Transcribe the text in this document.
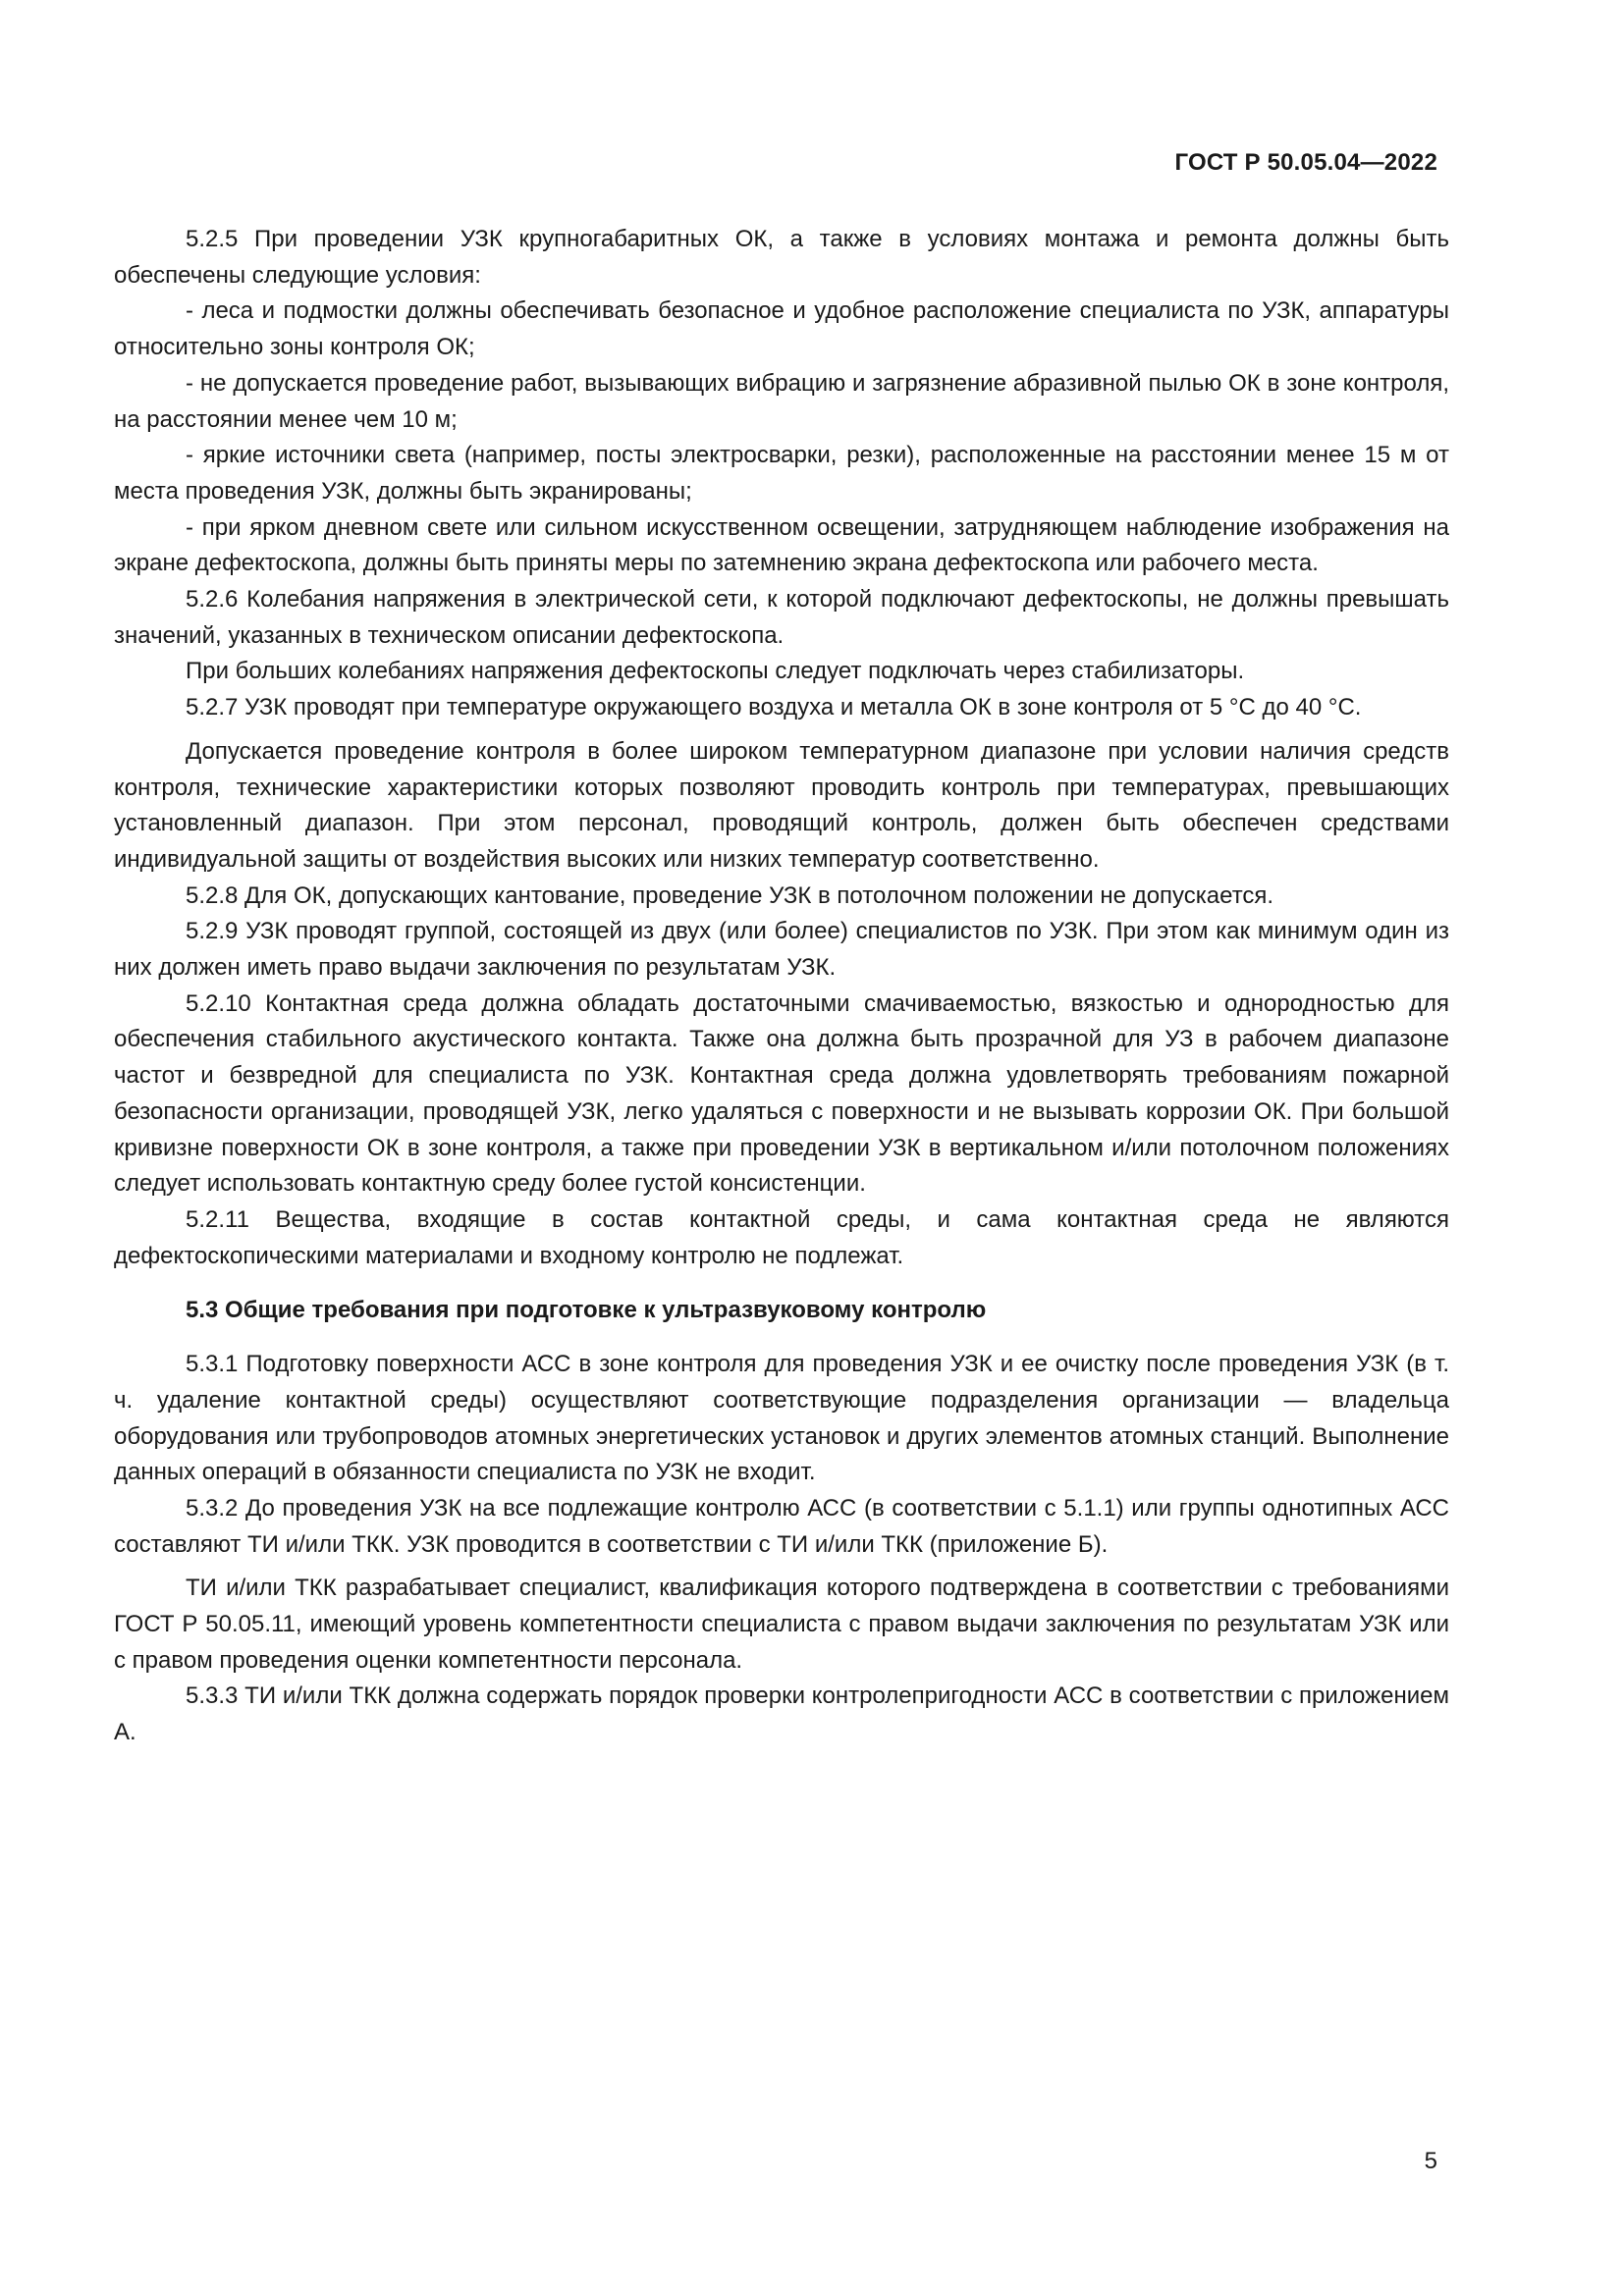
ГОСТ Р 50.05.04—2022

5.2.5 При проведении УЗК крупногабаритных ОК, а также в условиях монтажа и ремонта должны быть обеспечены следующие условия:

- леса и подмостки должны обеспечивать безопасное и удобное расположение специалиста по УЗК, аппаратуры относительно зоны контроля ОК;

- не допускается проведение работ, вызывающих вибрацию и загрязнение абразивной пылью ОК в зоне контроля, на расстоянии менее чем 10 м;

- яркие источники света (например, посты электросварки, резки), расположенные на расстоянии менее 15 м от места проведения УЗК, должны быть экранированы;

- при ярком дневном свете или сильном искусственном освещении, затрудняющем наблюдение изображения на экране дефектоскопа, должны быть приняты меры по затемнению экрана дефектоскопа или рабочего места.

5.2.6 Колебания напряжения в электрической сети, к которой подключают дефектоскопы, не должны превышать значений, указанных в техническом описании дефектоскопа.

При больших колебаниях напряжения дефектоскопы следует подключать через стабилизаторы.

5.2.7 УЗК проводят при температуре окружающего воздуха и металла ОК в зоне контроля от 5 °С до 40 °С.

Допускается проведение контроля в более широком температурном диапазоне при условии наличия средств контроля, технические характеристики которых позволяют проводить контроль при температурах, превышающих установленный диапазон. При этом персонал, проводящий контроль, должен быть обеспечен средствами индивидуальной защиты от воздействия высоких или низких температур соответственно.

5.2.8 Для ОК, допускающих кантование, проведение УЗК в потолочном положении не допускается.

5.2.9 УЗК проводят группой, состоящей из двух (или более) специалистов по УЗК. При этом как минимум один из них должен иметь право выдачи заключения по результатам УЗК.

5.2.10 Контактная среда должна обладать достаточными смачиваемостью, вязкостью и однородностью для обеспечения стабильного акустического контакта. Также она должна быть прозрачной для УЗ в рабочем диапазоне частот и безвредной для специалиста по УЗК. Контактная среда должна удовлетворять требованиям пожарной безопасности организации, проводящей УЗК, легко удаляться с поверхности и не вызывать коррозии ОК. При большой кривизне поверхности ОК в зоне контроля, а также при проведении УЗК в вертикальном и/или потолочном положениях следует использовать контактную среду более густой консистенции.

5.2.11 Вещества, входящие в состав контактной среды, и сама контактная среда не являются дефектоскопическими материалами и входному контролю не подлежат.

5.3 Общие требования при подготовке к ультразвуковому контролю

5.3.1 Подготовку поверхности АСС в зоне контроля для проведения УЗК и ее очистку после проведения УЗК (в т. ч. удаление контактной среды) осуществляют соответствующие подразделения организации — владельца оборудования или трубопроводов атомных энергетических установок и других элементов атомных станций. Выполнение данных операций в обязанности специалиста по УЗК не входит.

5.3.2 До проведения УЗК на все подлежащие контролю АСС (в соответствии с 5.1.1) или группы однотипных АСС составляют ТИ и/или ТКК. УЗК проводится в соответствии с ТИ и/или ТКК (приложение Б).

ТИ и/или ТКК разрабатывает специалист, квалификация которого подтверждена в соответствии с требованиями ГОСТ Р 50.05.11, имеющий уровень компетентности специалиста с правом выдачи заключения по результатам УЗК или с правом проведения оценки компетентности персонала.

5.3.3 ТИ и/или ТКК должна содержать порядок проверки контролепригодности АСС в соответствии с приложением А.

5
